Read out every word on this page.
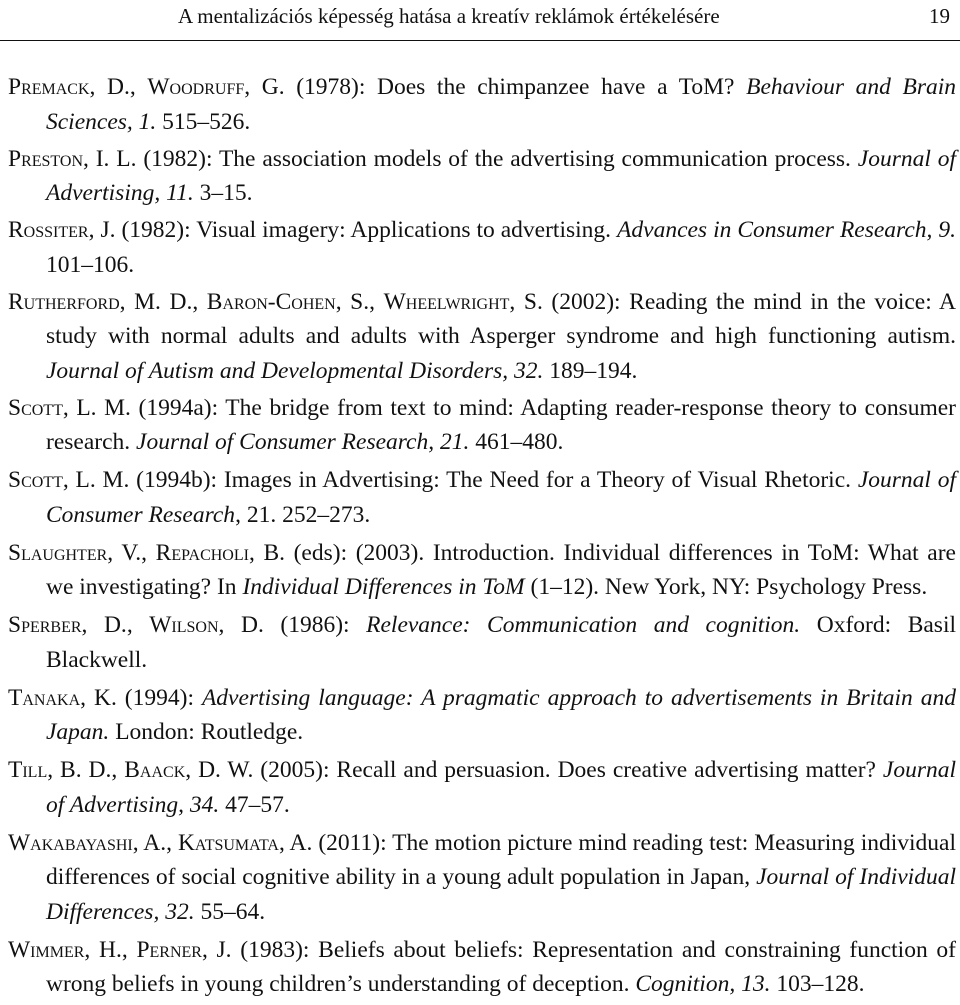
A mentalizációs képesség hatása a kreatív reklámok értékelésére	19

Premack, D., Woodruff, G. (1978): Does the chimpanzee have a ToM? Behaviour and Brain Sciences, 1. 515–526.

Preston, I. L. (1982): The association models of the advertising communication process. Journal of Advertising, 11. 3–15.

Rossiter, J. (1982): Visual imagery: Applications to advertising. Advances in Consumer Research, 9. 101–106.

Rutherford, M. D., Baron-Cohen, S., Wheelwright, S. (2002): Reading the mind in the voice: A study with normal adults and adults with Asperger syndrome and high functioning autism. Journal of Autism and Developmental Disorders, 32. 189–194.

Scott, L. M. (1994a): The bridge from text to mind: Adapting reader-response theory to consumer research. Journal of Consumer Research, 21. 461–480.

Scott, L. M. (1994b): Images in Advertising: The Need for a Theory of Visual Rhetoric. Journal of Consumer Research, 21. 252–273.

Slaughter, V., Repacholi, B. (eds): (2003). Introduction. Individual differences in ToM: What are we investigating? In Individual Differences in ToM (1–12). New York, NY: Psychology Press.

Sperber, D., Wilson, D. (1986): Relevance: Communication and cognition. Oxford: Basil Blackwell.

Tanaka, K. (1994): Advertising language: A pragmatic approach to advertisements in Britain and Japan. London: Routledge.

Till, B. D., Baack, D. W. (2005): Recall and persuasion. Does creative advertising matter? Journal of Advertising, 34. 47–57.

Wakabayashi, A., Katsumata, A. (2011): The motion picture mind reading test: Measuring individual differences of social cognitive ability in a young adult population in Japan, Journal of Individual Differences, 32. 55–64.

Wimmer, H., Perner, J. (1983): Beliefs about beliefs: Representation and constraining function of wrong beliefs in young children’s understanding of deception. Cognition, 13. 103–128.
